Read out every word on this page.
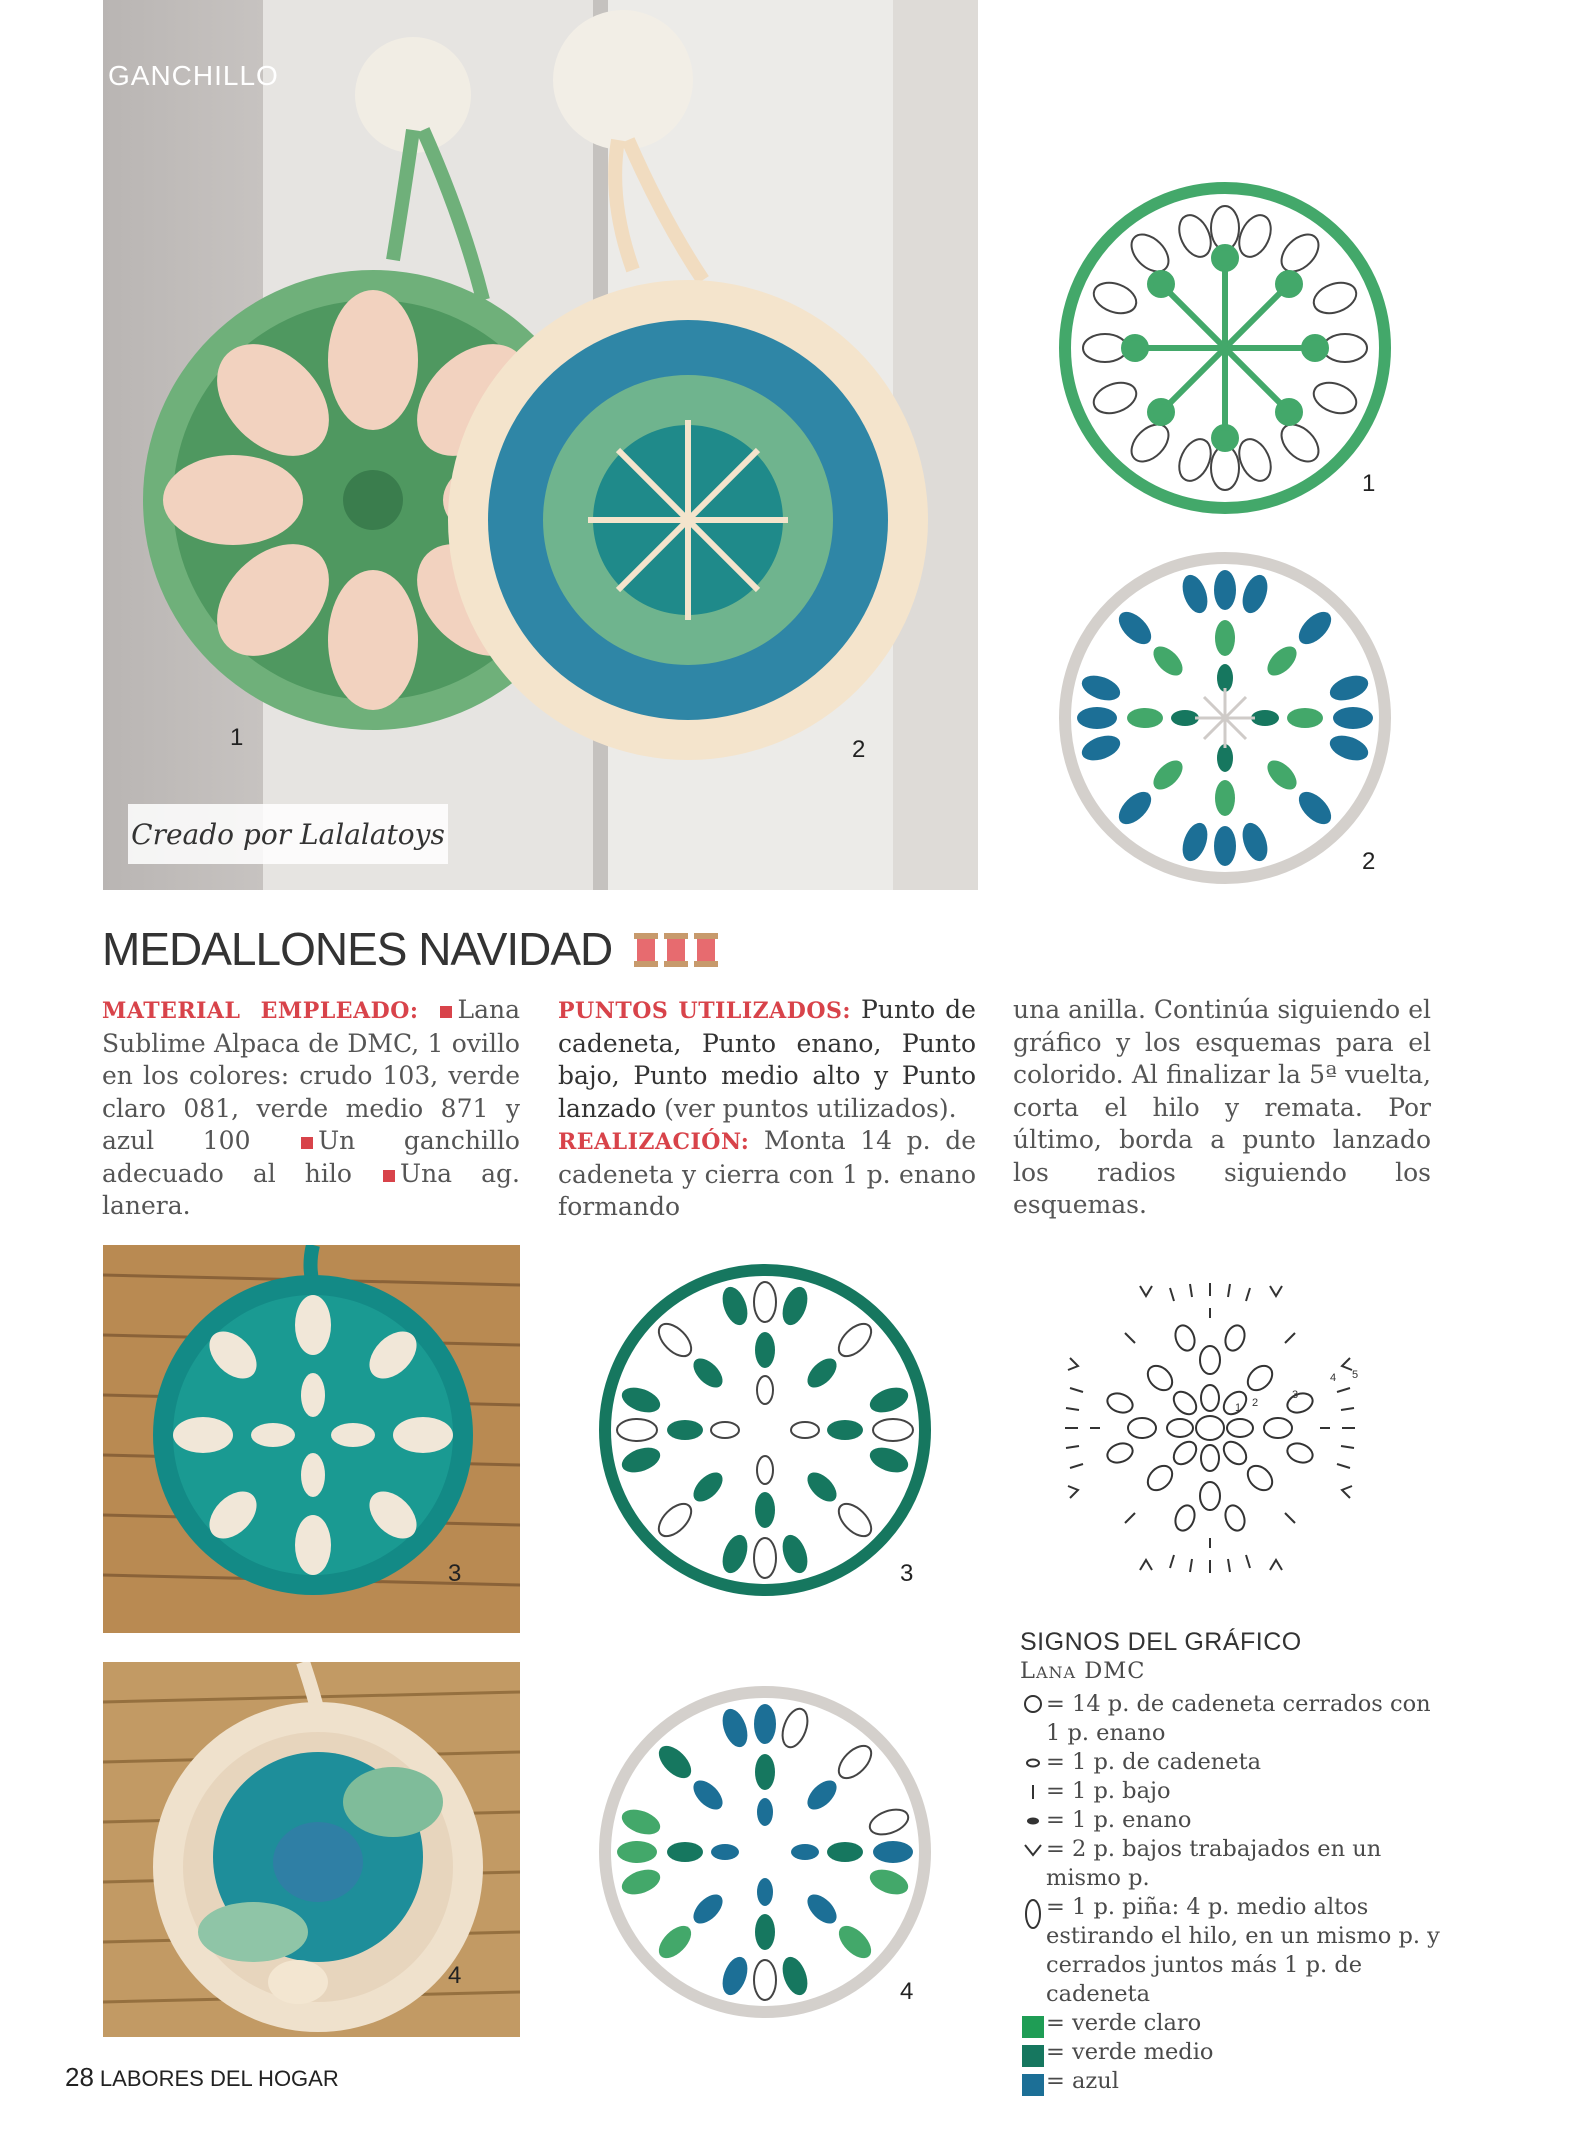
GANCHILLO
Creado por Lalalatoys
1	2
1
2
MEDALLONES NAVIDAD
MATERIAL EMPLEADO: Lana Sublime Alpaca de DMC, 1 ovillo en los colores: crudo 103, verde claro 081, verde medio 871 y azul 100	Un ganchillo adecuado al hilo Una ag. lanera.
PUNTOS UTILIZADOS: Punto de cadeneta, Punto enano, Punto bajo, Punto medio alto y Punto lanzado (ver puntos utilizados).
REALIZACIÓN: Monta 14 p. de cadeneta y cierra con 1 p. enano formando
una anilla. Continúa siguiendo el gráfico y los esquemas para el colorido. Al finalizar la 5ª vuelta, corta el hilo y remata. Por último, borda a punto lanzado los radios siguiendo los esquemas.
3	3
1 2
3
4 5
4
4
SIGNOS DEL GRÁFICO
Lana DMC
= 14 p. de cadeneta cerrados con 1 p. enano
= 1 p. de cadeneta
= 1 p. bajo
= 1 p. enano
= 2 p. bajos trabajados en un mismo p.
= 1 p. piña: 4 p. medio altos estirando el hilo, en un mismo p. y cerrados juntos más 1 p. de cadeneta
= verde claro
= verde medio
= azul
28 LABORES DEL HOGAR
